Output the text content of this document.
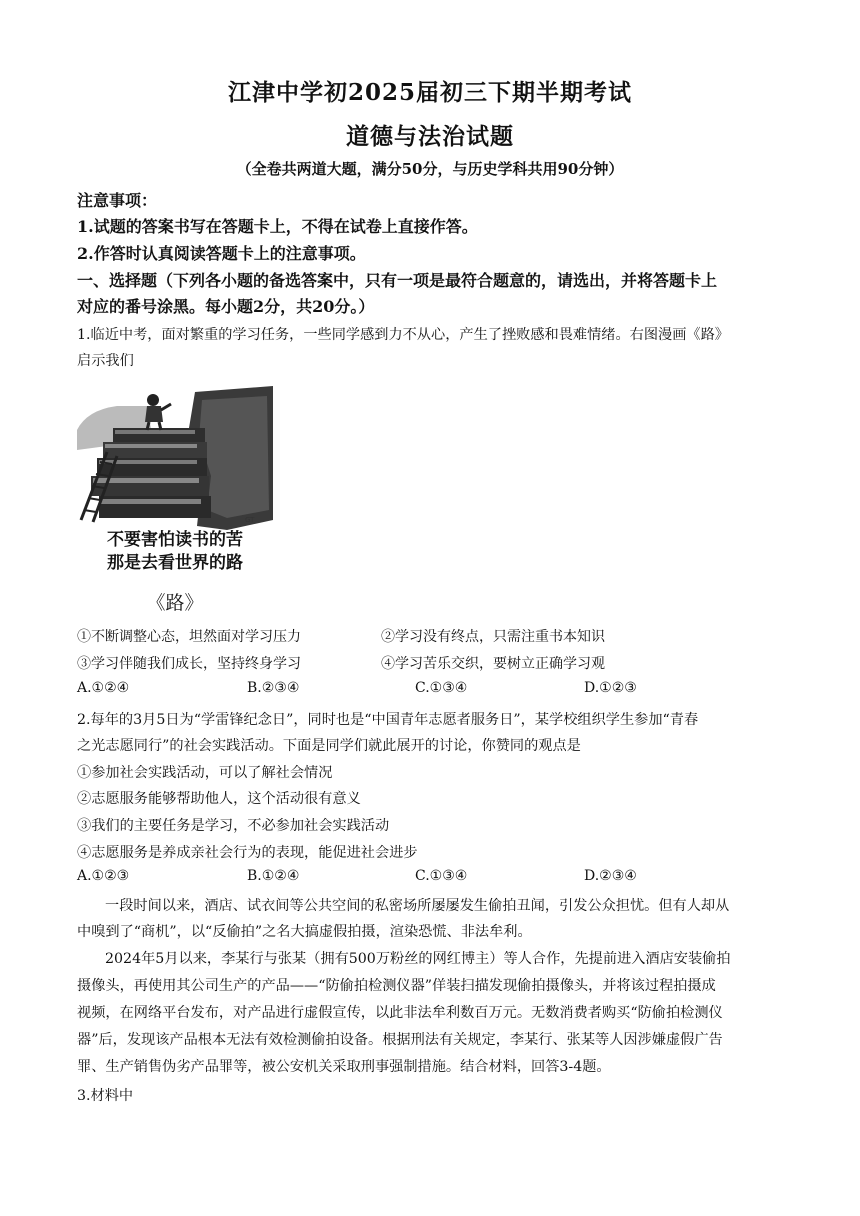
江津中学初2025届初三下期半期考试
道德与法治试题
（全卷共两道大题，满分50分，与历史学科共用90分钟）
注意事项：
1.试题的答案书写在答题卡上，不得在试卷上直接作答。
2.作答时认真阅读答题卡上的注意事项。
一、选择题（下列各小题的备选答案中，只有一项是最符合题意的，请选出，并将答题卡上
对应的番号涂黑。每小题2分，共20分。）
1.临近中考，面对繁重的学习任务，一些同学感到力不从心，产生了挫败感和畏难情绪。右图漫画《路》
启示我们
GT
不要害怕读书的苦
那是去看世界的路
《路》
①不断调整心态，坦然面对学习压力	②学习没有终点，只需注重书本知识
③学习伴随我们成长，坚持终身学习	④学习苦乐交织，要树立正确学习观
A.①②④	B.②③④	C.①③④	D.①②③
2.每年的3月5日为“学雷锋纪念日”，同时也是“中国青年志愿者服务日”，某学校组织学生参加“青春
之光志愿同行”的社会实践活动。下面是同学们就此展开的讨论，你赞同的观点是
①参加社会实践活动，可以了解社会情况
②志愿服务能够帮助他人，这个活动很有意义
③我们的主要任务是学习，不必参加社会实践活动
④志愿服务是养成亲社会行为的表现，能促进社会进步
A.①②③	B.①②④	C.①③④	D.②③④
一段时间以来，酒店、试衣间等公共空间的私密场所屡屡发生偷拍丑闻，引发公众担忧。但有人却从
中嗅到了“商机”，以“反偷拍”之名大搞虚假拍摄，渲染恐慌、非法牟利。
2024年5月以来，李某行与张某（拥有500万粉丝的网红博主）等人合作，先提前进入酒店安装偷拍
摄像头，再使用其公司生产的产品——“防偷拍检测仪器”佯装扫描发现偷拍摄像头，并将该过程拍摄成
视频，在网络平台发布，对产品进行虚假宣传，以此非法牟利数百万元。无数消费者购买“防偷拍检测仪
器”后，发现该产品根本无法有效检测偷拍设备。根据刑法有关规定，李某行、张某等人因涉嫌虚假广告
罪、生产销售伪劣产品罪等，被公安机关采取刑事强制措施。结合材料，回答3-4题。
3.材料中
